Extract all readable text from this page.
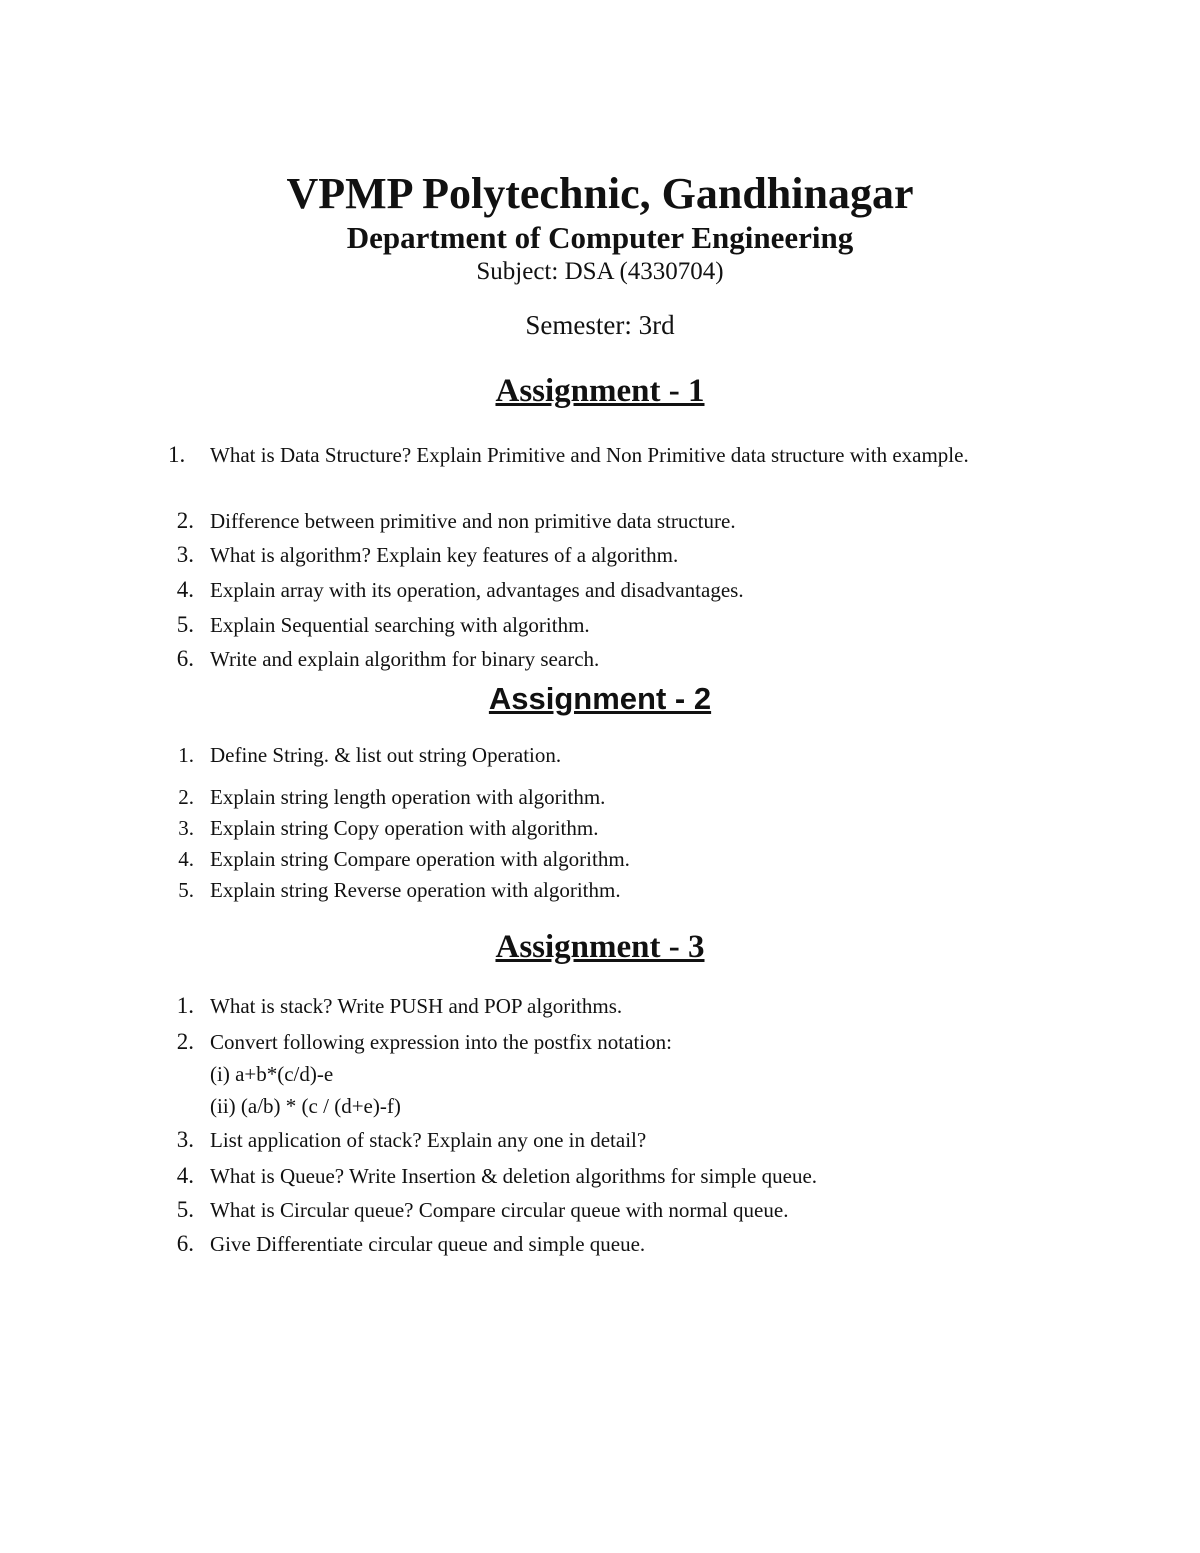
VPMP Polytechnic, Gandhinagar
Department of Computer Engineering
Subject: DSA (4330704)
Semester: 3rd
Assignment - 1
1.	What is Data Structure? Explain Primitive and Non Primitive data structure with example.
2. Difference between primitive and non primitive data structure.
3. What is algorithm? Explain key features of a algorithm.
4. Explain array with its operation, advantages and disadvantages.
5. Explain Sequential searching with algorithm.
6. Write and explain algorithm for binary search.
Assignment - 2
1. Define String. & list out string Operation.
2. Explain string length operation with algorithm.
3. Explain string Copy operation with algorithm.
4. Explain string Compare operation with algorithm.
5. Explain string Reverse operation with algorithm.
Assignment - 3
1. What is stack? Write PUSH and POP algorithms.
2. Convert following expression into the postfix notation:
(i) a+b*(c/d)-e
(ii) (a/b) * (c / (d+e)-f)
3. List application of stack? Explain any one in detail?
4. What is Queue? Write Insertion & deletion algorithms for simple queue.
5. What is Circular queue? Compare circular queue with normal queue.
6. Give Differentiate circular queue and simple queue.
